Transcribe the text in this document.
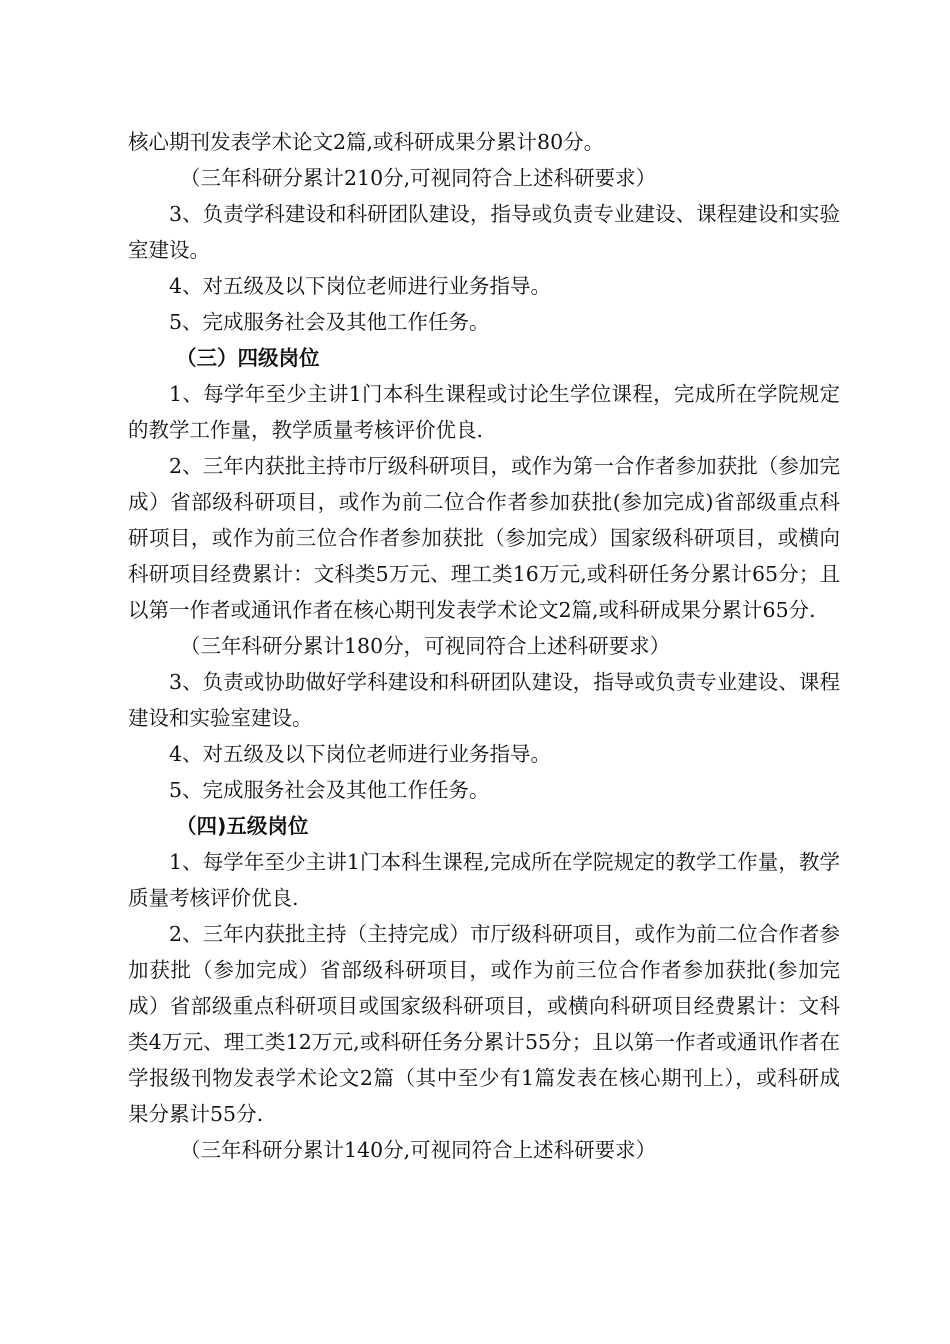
核心期刊发表学术论文2篇,或科研成果分累计80分。

（三年科研分累计210分,可视同符合上述科研要求）

3、负责学科建设和科研团队建设，指导或负责专业建设、课程建设和实验室建设。

4、对五级及以下岗位老师进行业务指导。

5、完成服务社会及其他工作任务。

（三）四级岗位

1、每学年至少主讲1门本科生课程或讨论生学位课程，完成所在学院规定的教学工作量，教学质量考核评价优良.

2、三年内获批主持市厅级科研项目，或作为第一合作者参加获批（参加完成）省部级科研项目，或作为前二位合作者参加获批(参加完成)省部级重点科研项目，或作为前三位合作者参加获批（参加完成）国家级科研项目，或横向科研项目经费累计：文科类5万元、理工类16万元,或科研任务分累计65分；且以第一作者或通讯作者在核心期刊发表学术论文2篇,或科研成果分累计65分.

（三年科研分累计180分，可视同符合上述科研要求）

3、负责或协助做好学科建设和科研团队建设，指导或负责专业建设、课程建设和实验室建设。

4、对五级及以下岗位老师进行业务指导。

5、完成服务社会及其他工作任务。

（四)五级岗位

1、每学年至少主讲1门本科生课程,完成所在学院规定的教学工作量，教学质量考核评价优良.

2、三年内获批主持（主持完成）市厅级科研项目，或作为前二位合作者参加获批（参加完成）省部级科研项目，或作为前三位合作者参加获批(参加完成）省部级重点科研项目或国家级科研项目，或横向科研项目经费累计：文科类4万元、理工类12万元,或科研任务分累计55分；且以第一作者或通讯作者在学报级刊物发表学术论文2篇（其中至少有1篇发表在核心期刊上），或科研成果分累计55分.

（三年科研分累计140分,可视同符合上述科研要求）
